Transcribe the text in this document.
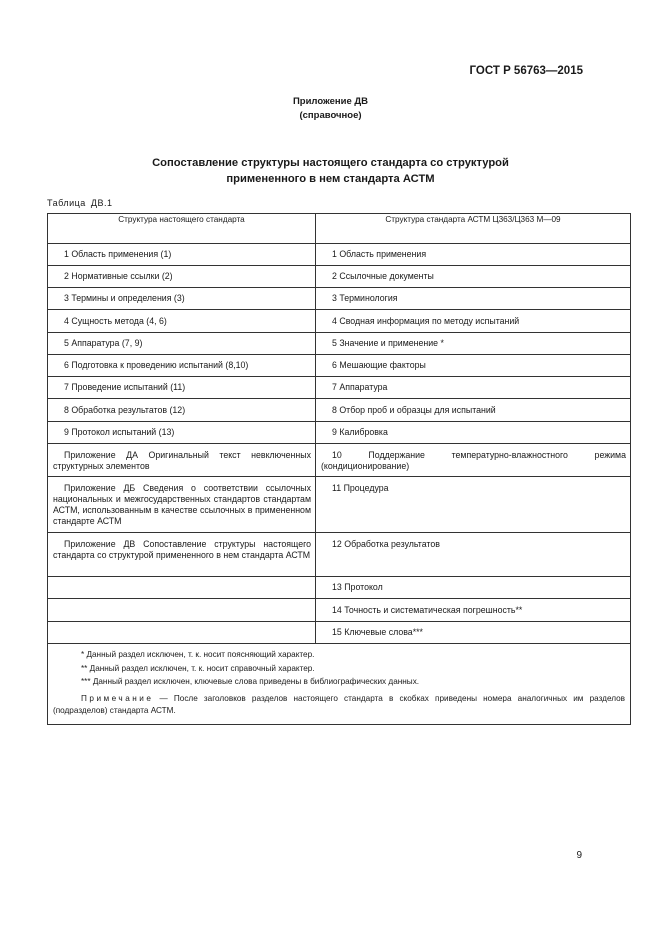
ГОСТ Р 56763—2015
Приложение ДВ
(справочное)
Сопоставление структуры настоящего стандарта со структурой
примененного в нем стандарта АСТМ
Таблица ДВ.1
Структура настоящего стандарта	Структура стандарта АСТМ Ц363/Ц363 М—09

1 Область применения (1)	1 Область применения

2 Нормативные ссылки (2)	2 Ссылочные документы

3 Термины и определения (3)	3 Терминология

4 Сущность метода (4, 6)	4 Сводная информация по методу испытаний

5 Аппаратура (7, 9)	5 Значение и применение *

6 Подготовка к проведению испытаний (8,10)	6 Мешающие факторы

7 Проведение испытаний (11)	7 Аппаратура

8 Обработка результатов (12)	8 Отбор проб и образцы для испытаний

9 Протокол испытаний (13)	9 Калибровка

Приложение ДА Оригинальный текст невключенных структурных элементов	10 Поддержание температурно-влажностного режима (кондиционирование)

Приложение ДБ Сведения о соответствии ссылочных национальных и межгосударственных стандартов стандартам АСТМ, использованным в качестве ссылочных в примененном стандарте АСТМ	11 Процедура

Приложение ДВ Сопоставление структуры настоящего стандарта со структурой примененного в нем стандарта АСТМ	12 Обработка результатов

	13 Протокол

	14 Точность и систематическая погрешность**

	15 Ключевые слова***

* Данный раздел исключен, т. к. носит поясняющий характер.
** Данный раздел исключен, т. к. носит справочный характер.
*** Данный раздел исключен, ключевые слова приведены в библиографических данных.
Примечание — После заголовков разделов настоящего стандарта в скобках приведены номера аналогичных им разделов (подразделов) стандарта АСТМ.	
9
